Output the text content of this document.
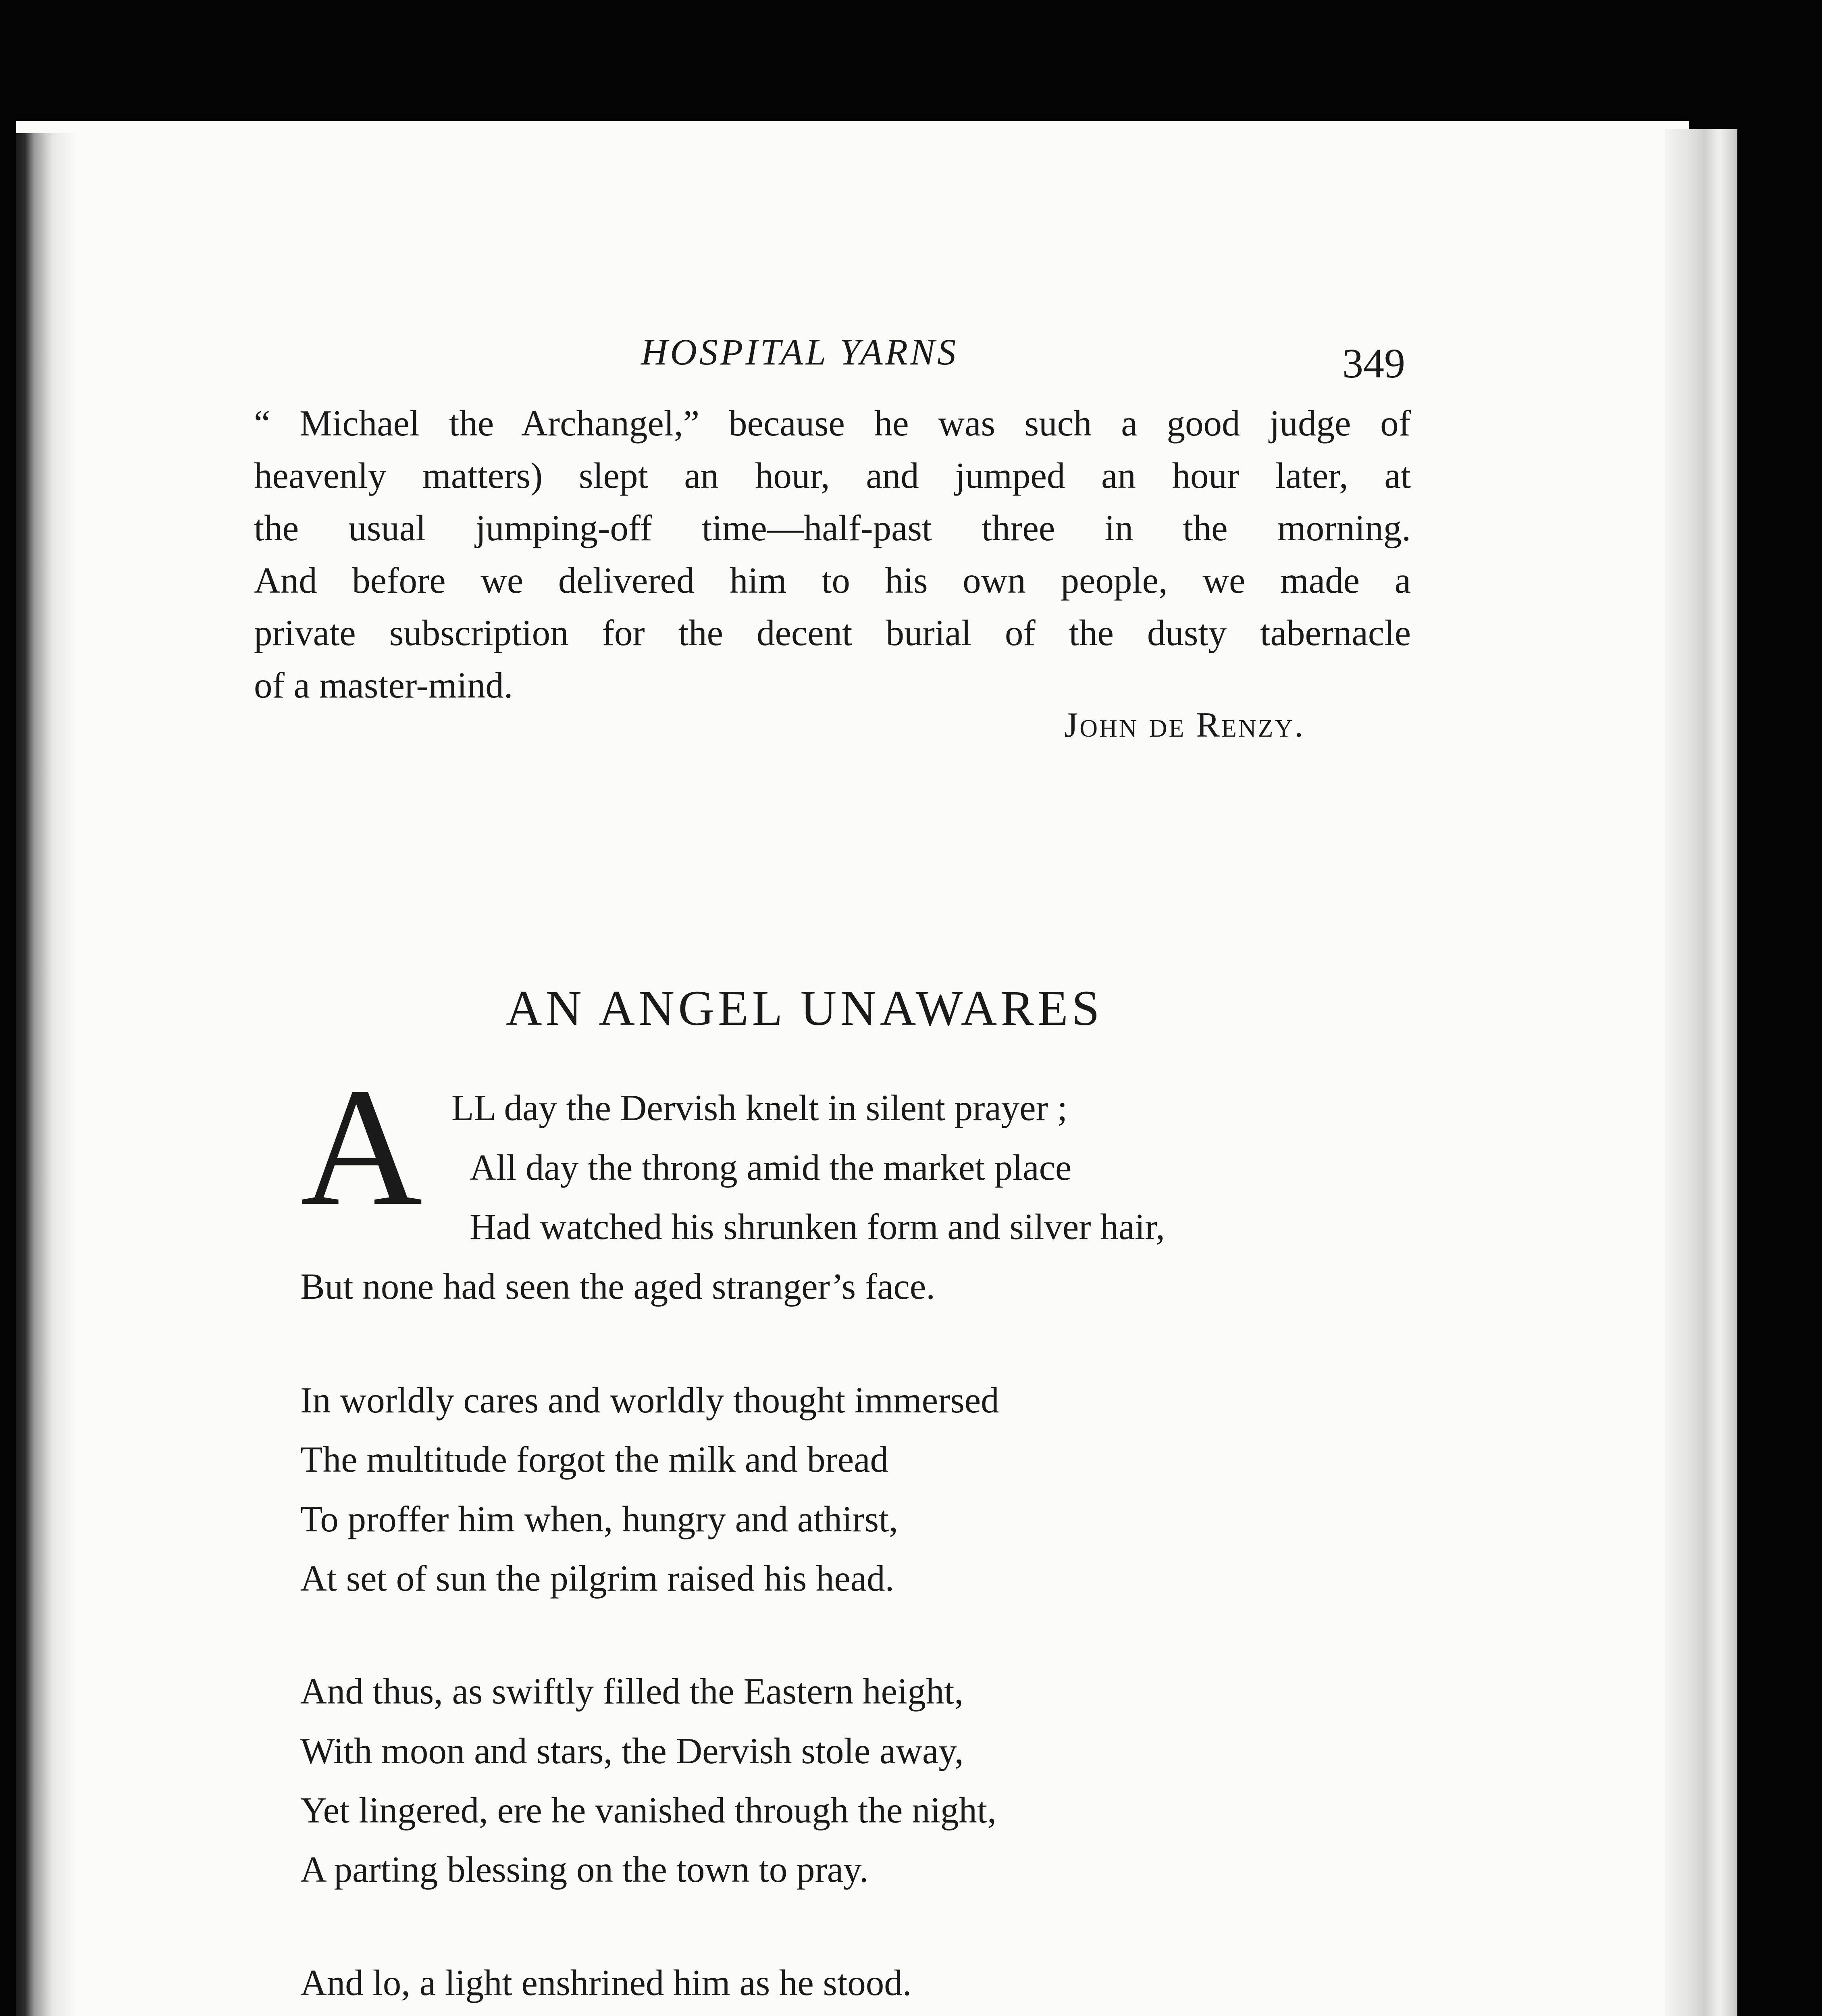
HOSPITAL YARNS	349
“ Michael the Archangel,” because he was such a good judge of
heavenly matters) slept an hour, and jumped an hour later, at
the usual jumping-off time—half-past three in the morning.
And before we delivered him to his own people, we made a
private subscription for the decent burial of the dusty tabernacle
of a master-mind.
John de Renzy.
AN ANGEL UNAWARES
A LL day the Dervish knelt in silent prayer ;
All day the throng amid the market place
Had watched his shrunken form and silver hair,
But none had seen the aged stranger’s face.
In worldly cares and worldly thought immersed
The multitude forgot the milk and bread
To proffer him when, hungry and athirst,
At set of sun the pilgrim raised his head.
And thus, as swiftly filled the Eastern height,
With moon and stars, the Dervish stole away,
Yet lingered, ere he vanished through the night,
A parting blessing on the town to pray.
And lo, a light enshrined him as he stood.
